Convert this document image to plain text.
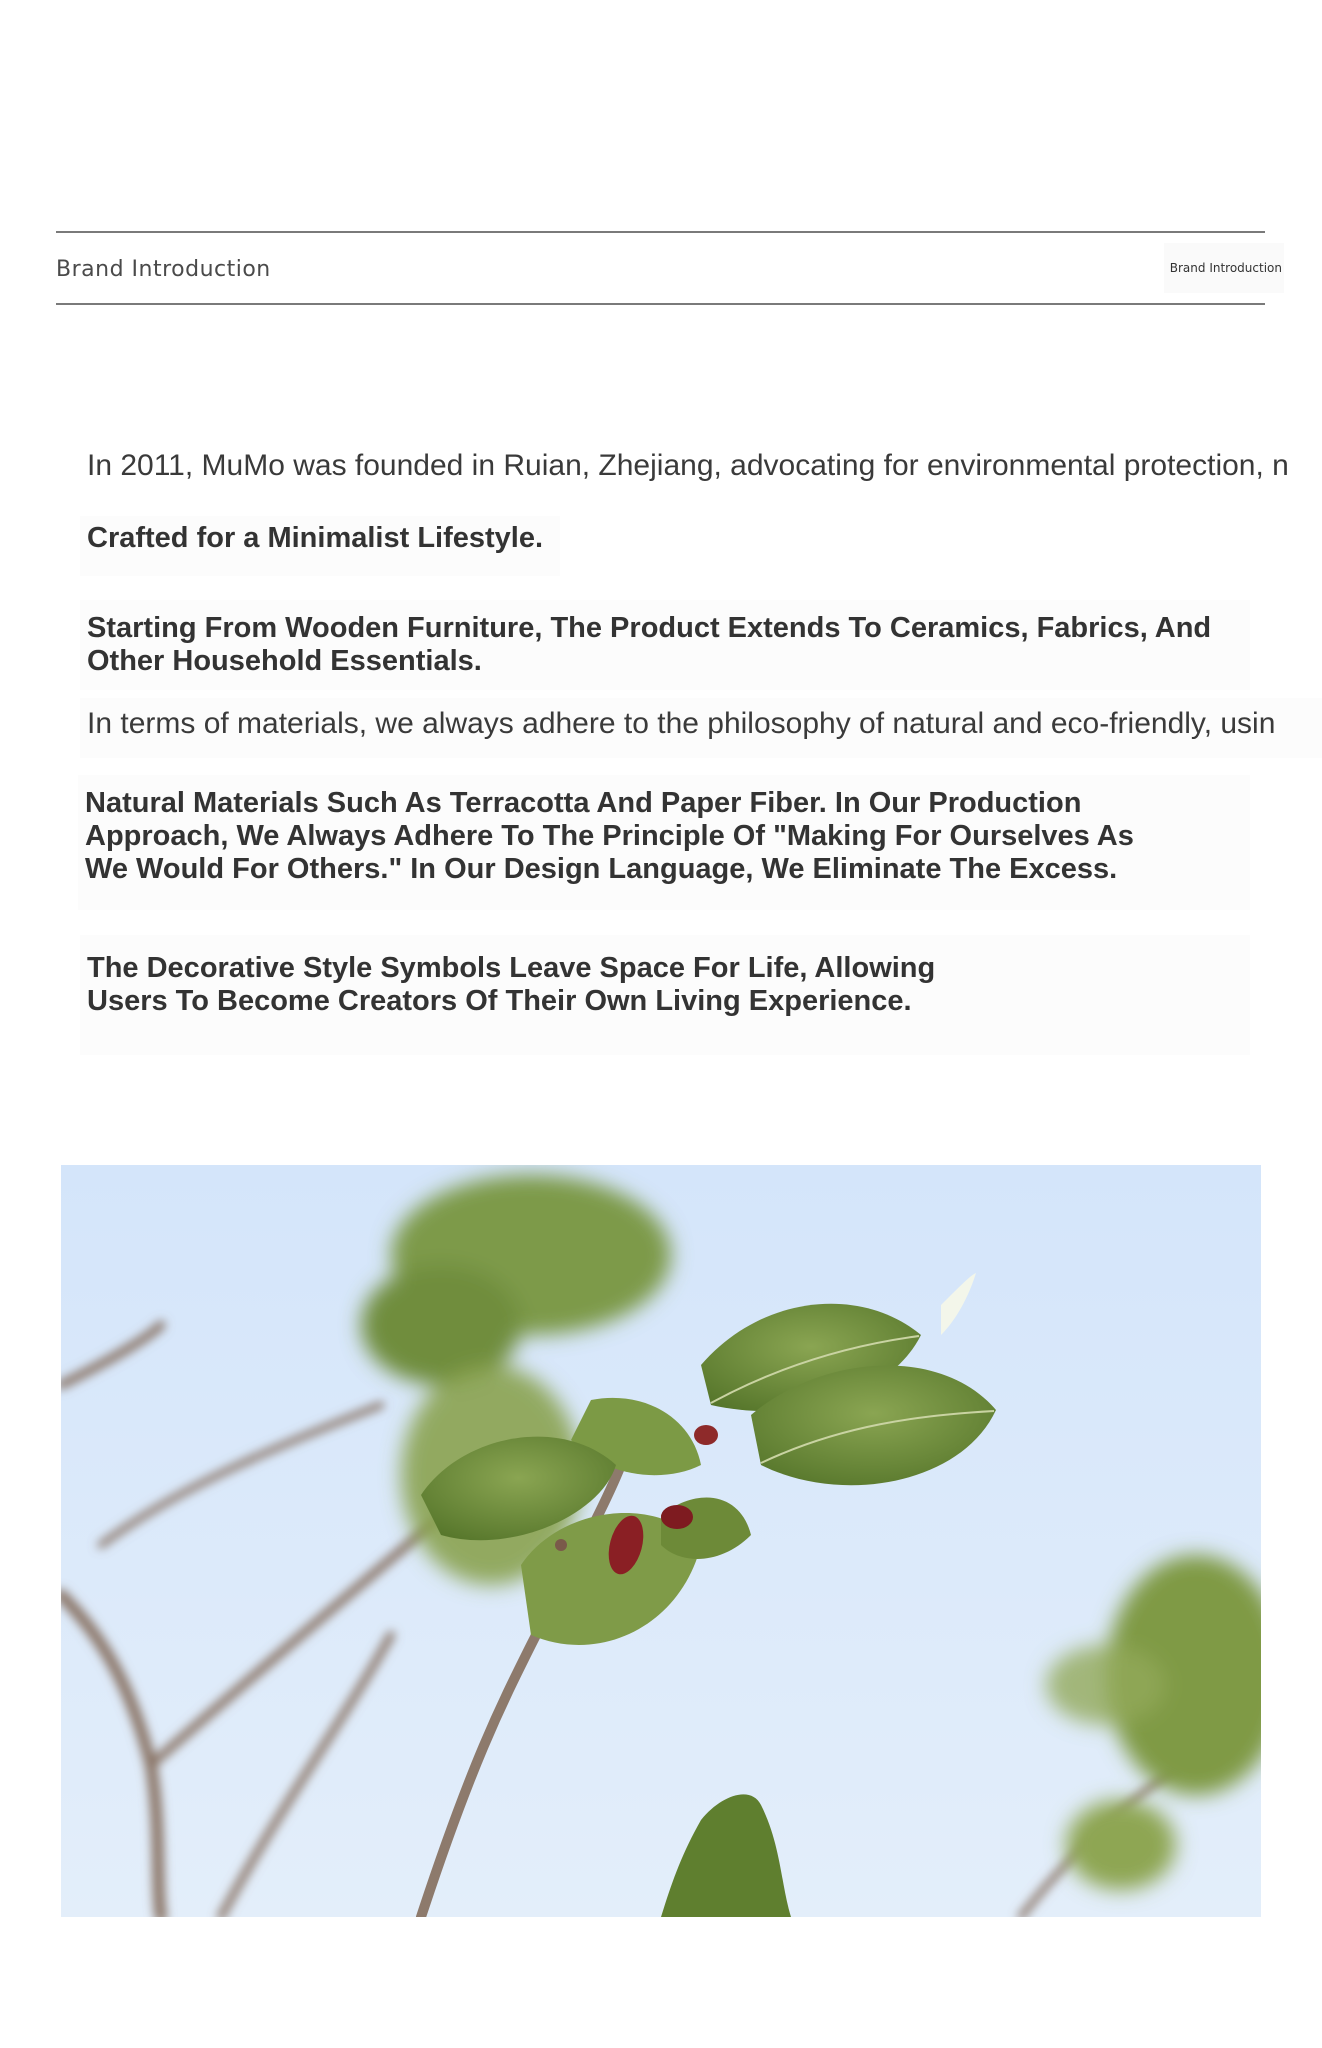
Brand Introduction	Brand Introduction
In 2011, MuMo was founded in Ruian, Zhejiang, advocating for environmental protection, n
Crafted for a Minimalist Lifestyle.
Starting From Wooden Furniture, The Product Extends To Ceramics, Fabrics, And Other Household Essentials.
In terms of materials, we always adhere to the philosophy of natural and eco-friendly, usin
Natural Materials Such As Terracotta And Paper Fiber. In Our Production Approach, We Always Adhere To The Principle Of "Making For Ourselves As We Would For Others." In Our Design Language, We Eliminate The Excess.
The Decorative Style Symbols Leave Space For Life, Allowing Users To Become Creators Of Their Own Living Experience.
